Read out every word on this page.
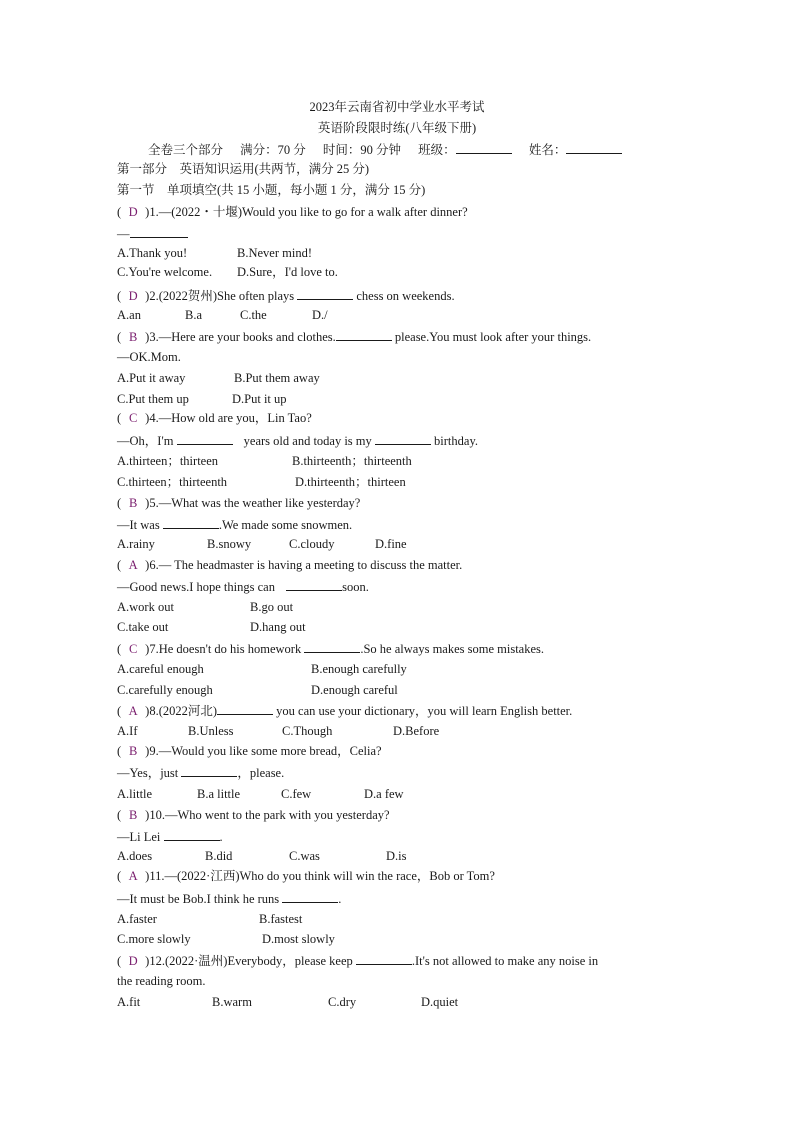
2023年云南省初中学业水平考试
英语阶段限时练(八年级下册)
全卷三个部分 满分：70 分 时间：90 分钟 班级：	姓名：
第一部分　英语知识运用(共两节，满分 25 分)
第一节　单项填空(共 15 小题，每小题 1 分，满分 15 分)
( D )1.—(2022・十堰)Would you like to go for a walk after dinner?
—
A.Thank you!	B.Never mind!
C.You're welcome. D.Sure，I'd love to.
( D )2.(2022贺州)She often plays	chess on weekends.
A.an	B.a	C.the	D./
( B )3.—Here are your books and clothes.	please.You must look after your things.
—OK.Mom.
A.Put it away	B.Put them away
C.Put them up	D.Put it up
( C )4.—How old are you，Lin Tao?
—Oh，I'm	years old and today is my	birthday.
A.thirteen；thirteen	B.thirteenth；thirteenth
C.thirteen；thirteenth	D.thirteenth；thirteen
( B )5.—What was the weather like yesterday?
—It was	.We made some snowmen.
A.rainy	B.snowy	C.cloudy	D.fine
( A )6.— The headmaster is having a meeting to discuss the matter.
—Good news.I hope things can	soon.
A.work out	B.go out
C.take out	D.hang out
( C )7.He doesn't do his homework	.So he always makes some mistakes.
A.careful enough	B.enough carefully
C.carefully enough	D.enough careful
( A )8.(2022河北)	you can use your dictionary，you will learn English better.
A.If	B.Unless	C.Though	D.Before
( B )9.—Would you like some more bread，Celia?
—Yes，just	，please.
A.little	B.a little	C.few	D.a few
( B )10.—Who went to the park with you yesterday?
—Li Lei	.
A.does	B.did	C.was	D.is
( A )11.—(2022·江西)Who do you think will win the race，Bob or Tom?
—It must be Bob.I think he runs	.
A.faster	B.fastest
C.more slowly	D.most slowly
( D )12.(2022·温州)Everybody，please keep	.It's not allowed to make any noise in
the reading room.
A.fit	B.warm	C.dry	D.quiet
